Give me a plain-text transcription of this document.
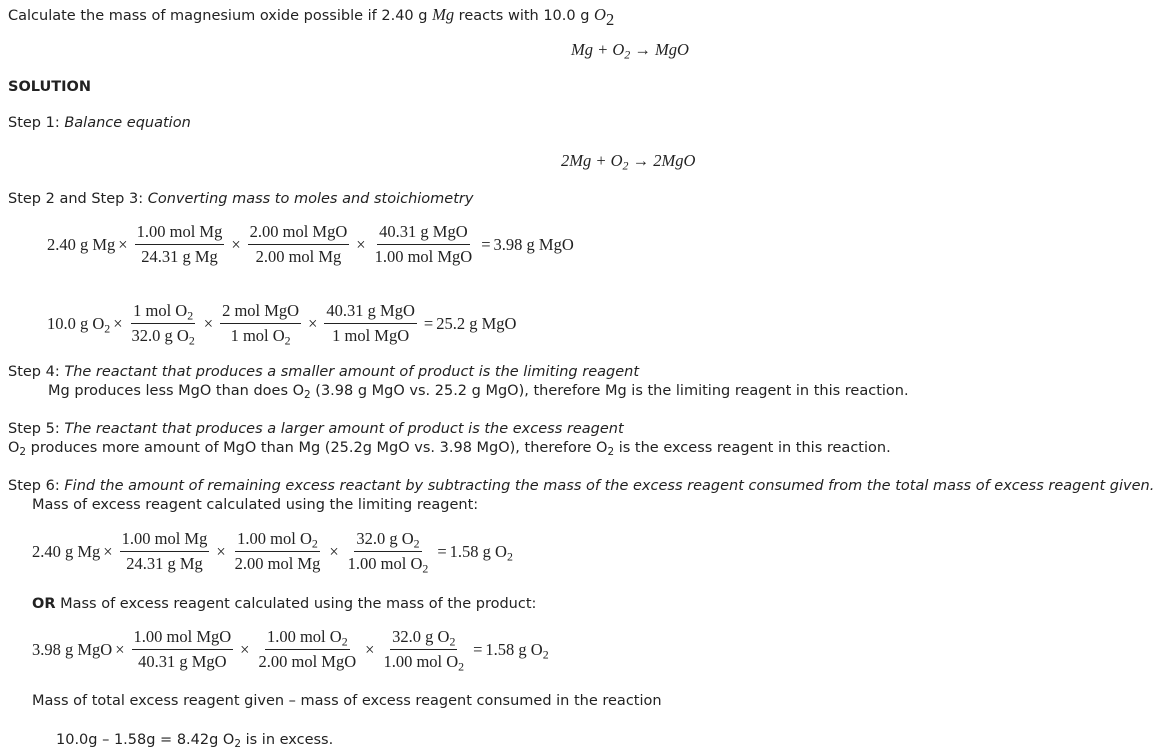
Calculate the mass of magnesium oxide possible if 2.40 g Mg reacts with 10.0 g $O_2$
$Mg + O_2$ → MgO
SOLUTION
Step 1: Balance equation
$2Mg + O_2 \to 2MgO$
Step 2 and Step 3: Converting mass to moles and stoichiometry
2.40 g $Mg \times \frac{\text{1.00 mol Mg}}{\text{24.31 g Mg}} \times \frac{\text{2.00 mol MgO}}{\text{2.00 mol Mg}} \times \frac{\text{40.31 g MgO}}{\text{1.00 mol MgO}} = 3.98$ g MgO
10.0 g $O_2 \times \frac{1 mol O_2}{32.0 g O_2} \times \frac{\text{2 mol MgO}}{1 mol O_2} \times \frac{\text{40.31 g MgO}}{\text{1 mol MgO}} = 25.2$ g MgO
Step 4: The reactant that produces a smaller amount of product is the limiting reagent
Mg produces less MgO than does $O_2$ (3.98 g MgO vs. 25.2 g MgO), therefore Mg is the limiting reagent in this reaction.
Step 5: The reactant that produces a larger amount of product is the excess reagent
$O_2$ produces more amount of MgO than Mg (25.2g MgO vs. 3.98 MgO), therefore $O_2$ is the excess reagent in this reaction.
Step 6: Find the amount of remaining excess reactant by subtracting the mass of the excess reagent consumed from the total mass of excess reagent given.
Mass of excess reagent calculated using the limiting reagent:
2.40 g $Mg \times \frac{\text{1.00 mol Mg}}{\text{24.31 g Mg}} \times \frac{1.00 mol O_2}{\text{2.00 mol Mg}} \times \frac{32.0 g O_2}{1.00 mol O_2} = 1.58$ g $O_2$
OR Mass of excess reagent calculated using the mass of the product:
3.98 g MgO × $\frac{\text{1.00 mol MgO}}{\text{40.31 g MgO}} \times \frac{1.00 mol O_2}{\text{2.00 mol MgO}} \times \frac{32.0 g O_2}{1.00 mol O_2} = 1.58$ g $O_2$
Mass of total excess reagent given – mass of excess reagent consumed in the reaction
10.0g – 1.58g = 8.42g $O_2$ is in excess.
